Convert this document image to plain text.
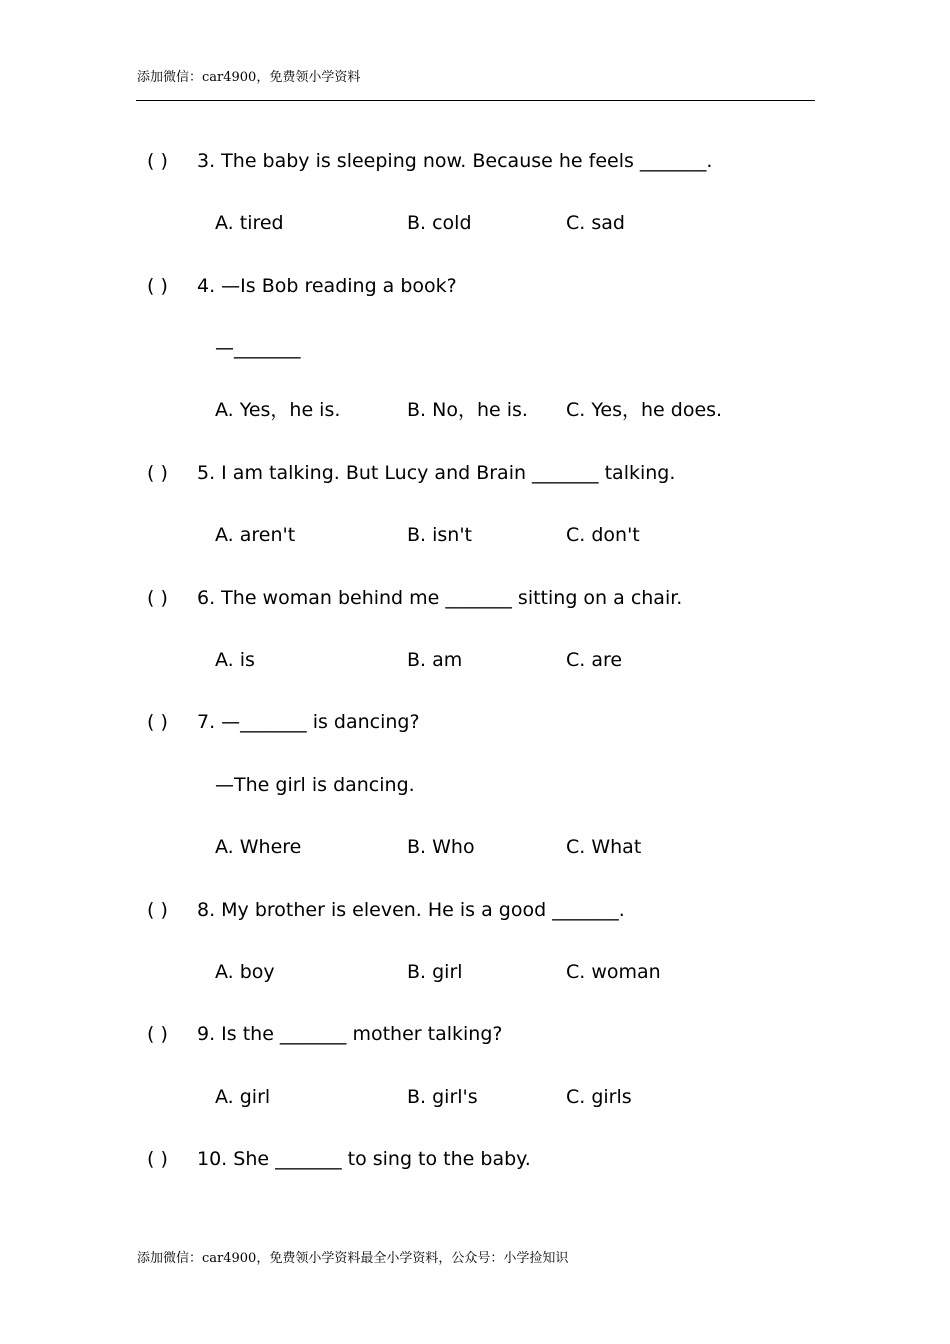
添加微信：car4900，免费领小学资料
( ) 3. The baby is sleeping now. Because he feels _______.
A. tired	B. cold	C. sad
( ) 4. —Is Bob reading a book?
—_______
A. Yes，he is.	B. No，he is. C. Yes，he does.
( ) 5. I am talking. But Lucy and Brain _______ talking.
A. aren't	B. isn't	C. don't
( ) 6. The woman behind me _______ sitting on a chair.
A. is	B. am	C. are
( ) 7. —_______ is dancing?
—The girl is dancing.
A. Where	B. Who	C. What
( ) 8. My brother is eleven. He is a good _______.
A. boy	B. girl	C. woman
( ) 9. Is the _______ mother talking?
A. girl	B. girl's	C. girls
( ) 10. She _______ to sing to the baby.
添加微信：car4900，免费领小学资料最全小学资料，公众号：小学捡知识
